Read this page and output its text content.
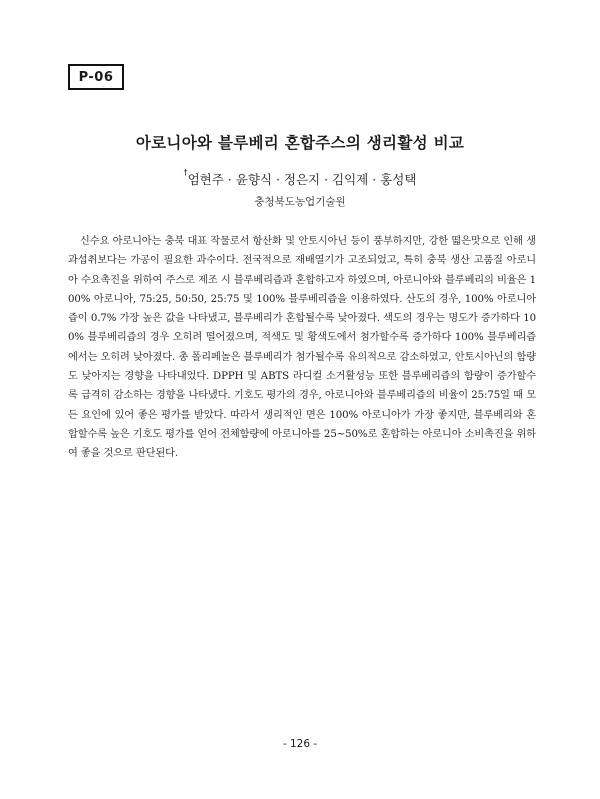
P-06
아로니아와 블루베리 혼합주스의 생리활성 비교
†엄현주 · 윤향식 · 정은지 · 김익제 · 홍성택
충청북도농업기술원

신수요 아로니아는 충북 대표 작물로서 항산화 및 안토시아닌 등이 풍부하지만, 강한 떫은맛으로 인해 생과섭취보다는 가공이 필요한 과수이다. 전국적으로 재배열기가 고조되었고, 특히 충북 생산 고품질 아로니아 수요촉진을 위하여 주스로 제조 시 블루베리즙과 혼합하고자 하였으며, 아로니아와 블루베리의 비율은 100% 아로니아, 75:25, 50:50, 25:75 및 100% 블루베리즙을 이용하였다. 산도의 경우, 100% 아로니아즙이 0.7% 가장 높은 값을 나타냈고, 블루베리가 혼합될수록 낮아졌다. 색도의 경우는 명도가 증가하다 100% 블루베리즙의 경우 오히려 떨어졌으며, 적색도 및 황색도에서 첨가할수록 증가하다 100% 블루베리즙에서는 오히려 낮아졌다. 총 폴리페놀은 블루베리가 첨가될수록 유의적으로 감소하였고, 안토시아닌의 함량도 낮아지는 경향을 나타내었다. DPPH 및 ABTS 라디컬 소거활성능 또한 블루베리즙의 함량이 증가할수록 급격히 감소하는 경향을 나타냈다. 기호도 평가의 경우, 아로니아와 블루베리즙의 비율이 25:75일 때 모든 요인에 있어 좋은 평가를 받았다. 따라서 생리적인 면은 100% 아로니아가 가장 좋지만, 블루베리와 혼합할수록 높은 기호도 평가를 얻어 전체함량에 아로니아를 25~50%로 혼합하는 아로니아 소비촉진을 위하여 좋을 것으로 판단된다.

- 126 -
